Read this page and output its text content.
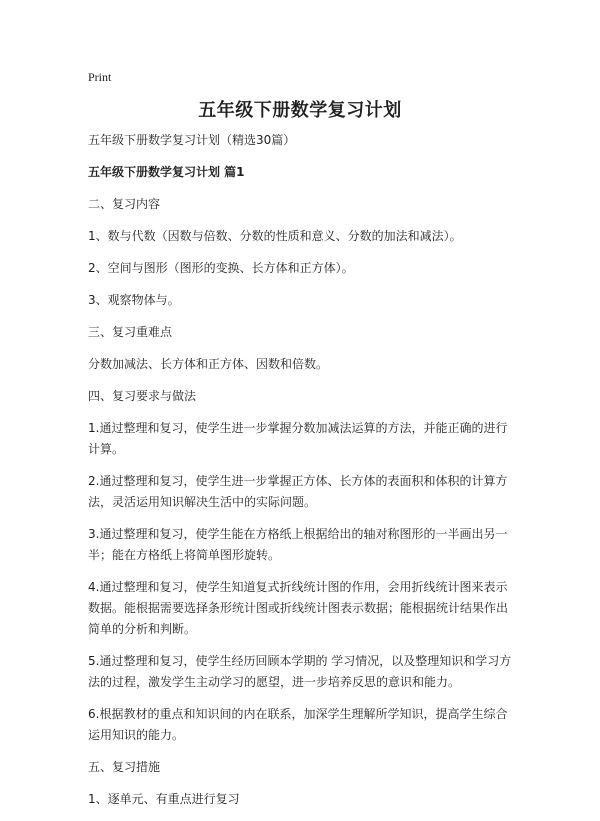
Print
五年级下册数学复习计划

五年级下册数学复习计划（精选30篇）

五年级下册数学复习计划 篇1

二、复习内容

1、数与代数（因数与倍数、分数的性质和意义、分数的加法和减法）。

2、空间与图形（图形的变换、长方体和正方体）。

3、观察物体与。

三、复习重难点

分数加减法、长方体和正方体、因数和倍数。

四、复习要求与做法

1.通过整理和复习，使学生进一步掌握分数加减法运算的方法，并能正确的进行计算。

2.通过整理和复习，使学生进一步掌握正方体、长方体的表面积和体积的计算方法，灵活运用知识解决生活中的实际问题。

3.通过整理和复习，使学生能在方格纸上根据给出的轴对称图形的一半画出另一半；能在方格纸上将简单图形旋转。

4.通过整理和复习，使学生知道复式折线统计图的作用，会用折线统计图来表示数据。能根据需要选择条形统计图或折线统计图表示数据；能根据统计结果作出简单的分析和判断。

5.通过整理和复习，使学生经历回顾本学期的 学习情况，以及整理知识和学习方法的过程，激发学生主动学习的愿望，进一步培养反思的意识和能力。

6.根据教材的重点和知识间的内在联系，加深学生理解所学知识，提高学生综合运用知识的能力。

五、复习措施

1、逐单元、有重点进行复习
